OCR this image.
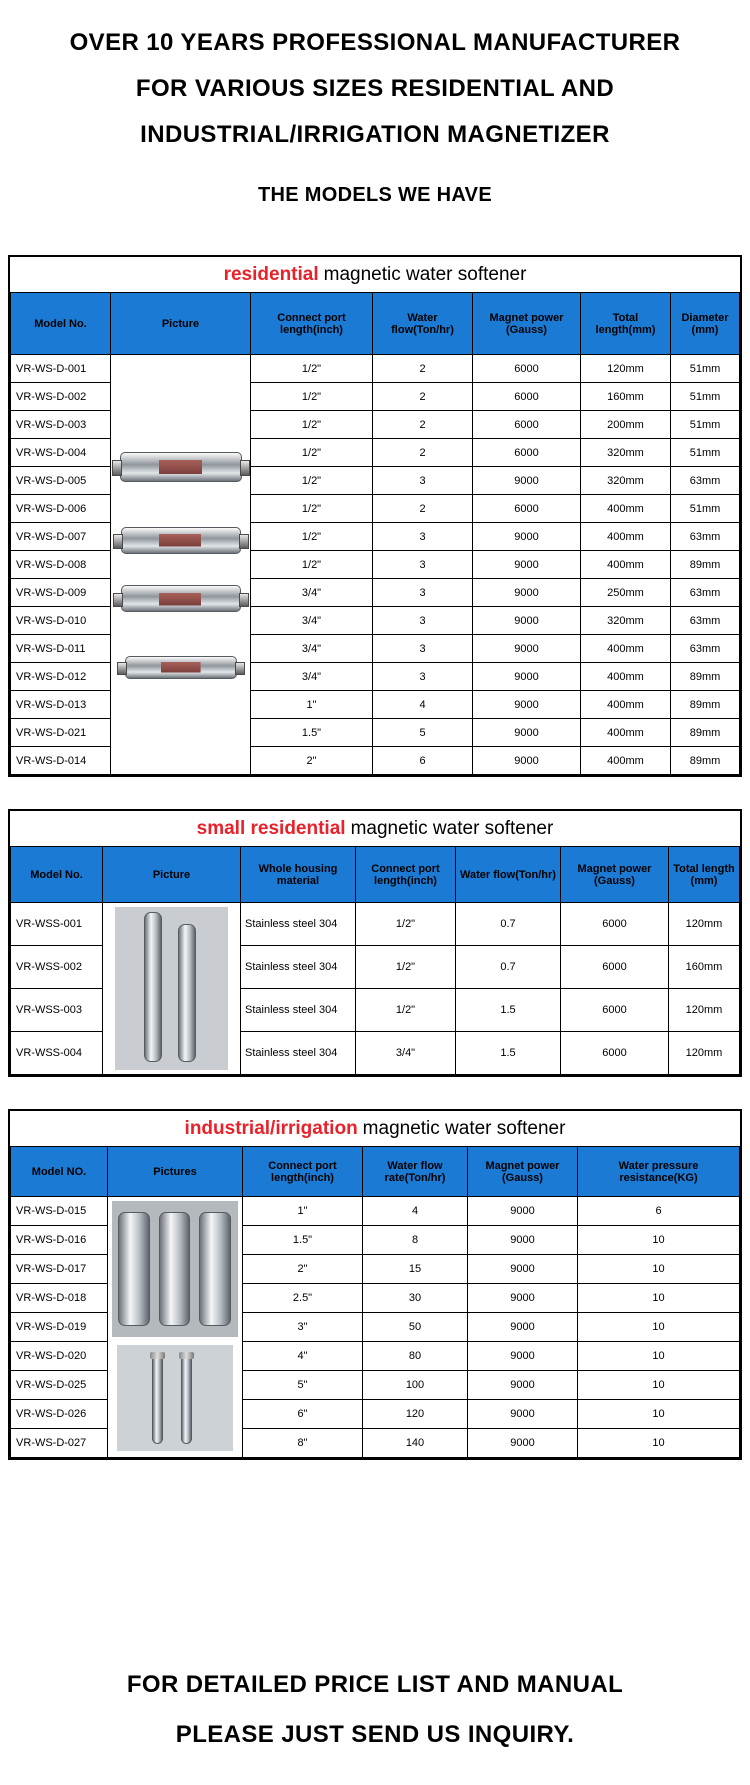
OVER 10 YEARS PROFESSIONAL MANUFACTURER
FOR VARIOUS SIZES RESIDENTIAL AND
INDUSTRIAL/IRRIGATION MAGNETIZER
THE MODELS WE HAVE
residential magnetic water softener
Model No.	Picture	Connect port length(inch)	Water flow(Ton/hr)	Magnet power (Gauss)	Total length(mm)	Diameter (mm)
VR-WS-D-001		1/2"	2	6000	120mm	51mm
VR-WS-D-002		1/2"	2	6000	160mm	51mm
VR-WS-D-003		1/2"	2	6000	200mm	51mm
VR-WS-D-004		1/2"	2	6000	320mm	51mm
VR-WS-D-005		1/2"	3	9000	320mm	63mm
VR-WS-D-006		1/2"	2	6000	400mm	51mm
VR-WS-D-007		1/2"	3	9000	400mm	63mm
VR-WS-D-008		1/2"	3	9000	400mm	89mm
VR-WS-D-009		3/4"	3	9000	250mm	63mm
VR-WS-D-010		3/4"	3	9000	320mm	63mm
VR-WS-D-011		3/4"	3	9000	400mm	63mm
VR-WS-D-012		3/4"	3	9000	400mm	89mm
VR-WS-D-013		1"	4	9000	400mm	89mm
VR-WS-D-021		1.5"	5	9000	400mm	89mm
VR-WS-D-014		2"	6	9000	400mm	89mm
small residential magnetic water softener
Model No.	Picture	Whole housing material	Connect port length(inch)	Water flow(Ton/hr)	Magnet power (Gauss)	Total length (mm)
VR-WSS-001		Stainless steel 304	1/2"	0.7	6000	120mm
VR-WSS-002		Stainless steel 304	1/2"	0.7	6000	160mm
VR-WSS-003		Stainless steel 304	1/2"	1.5	6000	120mm
VR-WSS-004		Stainless steel 304	3/4"	1.5	6000	120mm
industrial/irrigation magnetic water softener
Model NO.	Pictures	Connect port length(inch)	Water flow rate(Ton/hr)	Magnet power (Gauss)	Water pressure resistance(KG)
VR-WS-D-015		1"	4	9000	6
VR-WS-D-016		1.5"	8	9000	10
VR-WS-D-017		2"	15	9000	10
VR-WS-D-018		2.5"	30	9000	10
VR-WS-D-019		3"	50	9000	10
VR-WS-D-020		4"	80	9000	10
VR-WS-D-025		5"	100	9000	10
VR-WS-D-026		6"	120	9000	10
VR-WS-D-027		8"	140	9000	10
FOR DETAILED PRICE LIST AND MANUAL
PLEASE JUST SEND US INQUIRY.
